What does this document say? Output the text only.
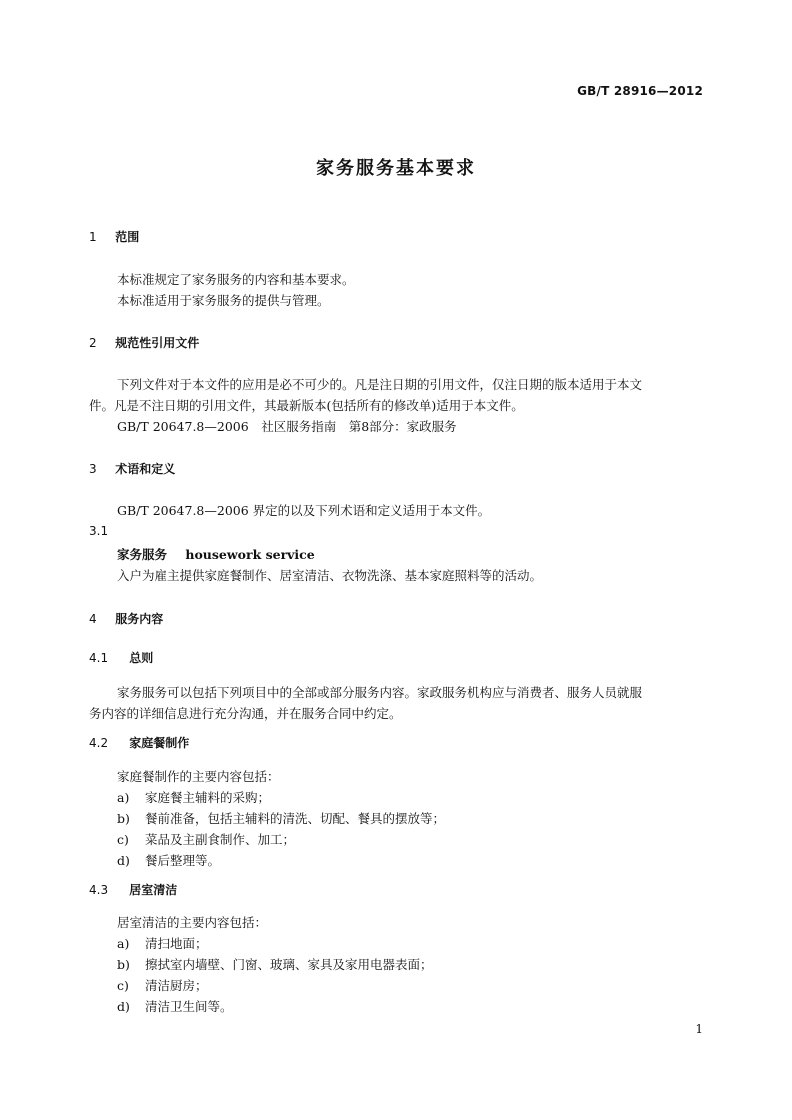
GB/T 28916—2012
家务服务基本要求
1 范围
本标准规定了家务服务的内容和基本要求。
本标准适用于家务服务的提供与管理。
2 规范性引用文件
下列文件对于本文件的应用是必不可少的。凡是注日期的引用文件，仅注日期的版本适用于本文
件。凡是不注日期的引用文件，其最新版本(包括所有的修改单)适用于本文件。
GB/T 20647.8—2006　社区服务指南　第8部分：家政服务
3 术语和定义
GB/T 20647.8—2006 界定的以及下列术语和定义适用于本文件。
3.1
家务服务 housework service
入户为雇主提供家庭餐制作、居室清洁、衣物洗涤、基本家庭照料等的活动。
4 服务内容
4.1 总则
家务服务可以包括下列项目中的全部或部分服务内容。家政服务机构应与消费者、服务人员就服
务内容的详细信息进行充分沟通，并在服务合同中约定。
4.2 家庭餐制作
家庭餐制作的主要内容包括：
a) 家庭餐主辅料的采购；
b) 餐前准备，包括主辅料的清洗、切配、餐具的摆放等；
c) 菜品及主副食制作、加工；
d) 餐后整理等。
4.3 居室清洁
居室清洁的主要内容包括：
a) 清扫地面；
b) 擦拭室内墙壁、门窗、玻璃、家具及家用电器表面；
c) 清洁厨房；
d) 清洁卫生间等。
1
